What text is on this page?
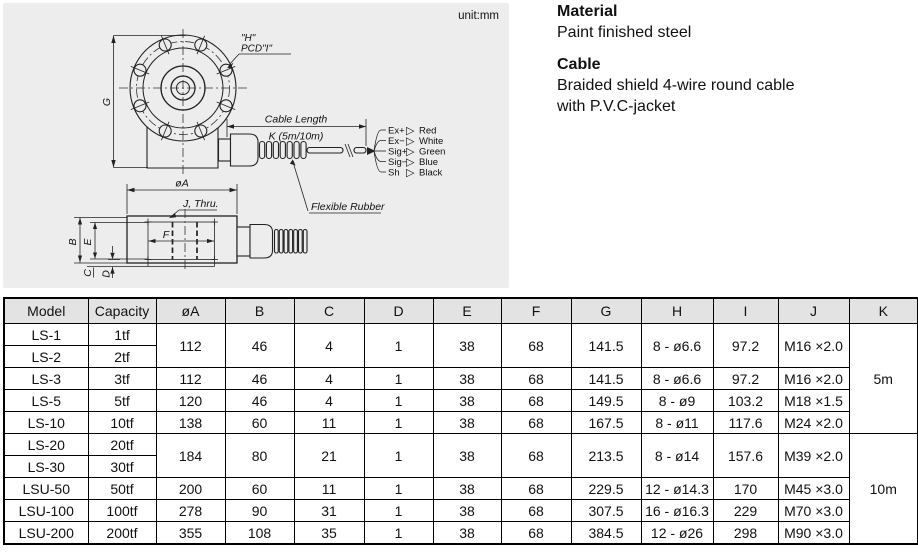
unit:mm
G
"H"
PCD"I"
Cable Length
K (5m/10m)	Ex+ ▷ Red
Ex− ▷ White
Sig+
▷ Green
Sig−
▷ Blue
Sh ▷ Black
Flexible Rubber
øA
J, Thru.
F
B E
C D
Material
Paint finished steel
Cable
Braided shield 4-wire round cable
with P.V.C-jacket
Model	Capacity	øA	B	C	D	E	F	G	H	I	J	K
LS-1	1tf	112	46	4	1	38	68	141.5	8 - ø6.6	97.2	M16 ×2.0	5m
LS-2	2tf											
LS-3	3tf	112	46	4	1	38	68	141.5	8 - ø6.6	97.2	M16 ×2.0	
LS-5	5tf	120	46	4	1	38	68	149.5	8 - ø9	103.2	M18 ×1.5	
LS-10	10tf	138	60	11	1	38	68	167.5	8 - ø11	117.6	M24 ×2.0	
LS-20	20tf	184	80	21	1	38	68	213.5	8 - ø14	157.6	M39 ×2.0	10m
LS-30	30tf											
LSU-50	50tf	200	60	11	1	38	68	229.5	12 - ø14.3	170	M45 ×3.0	
LSU-100	100tf	278	90	31	1	38	68	307.5	16 - ø16.3	229	M70 ×3.0	
LSU-200	200tf	355	108	35	1	38	68	384.5	12 - ø26	298	M90 ×3.0	
